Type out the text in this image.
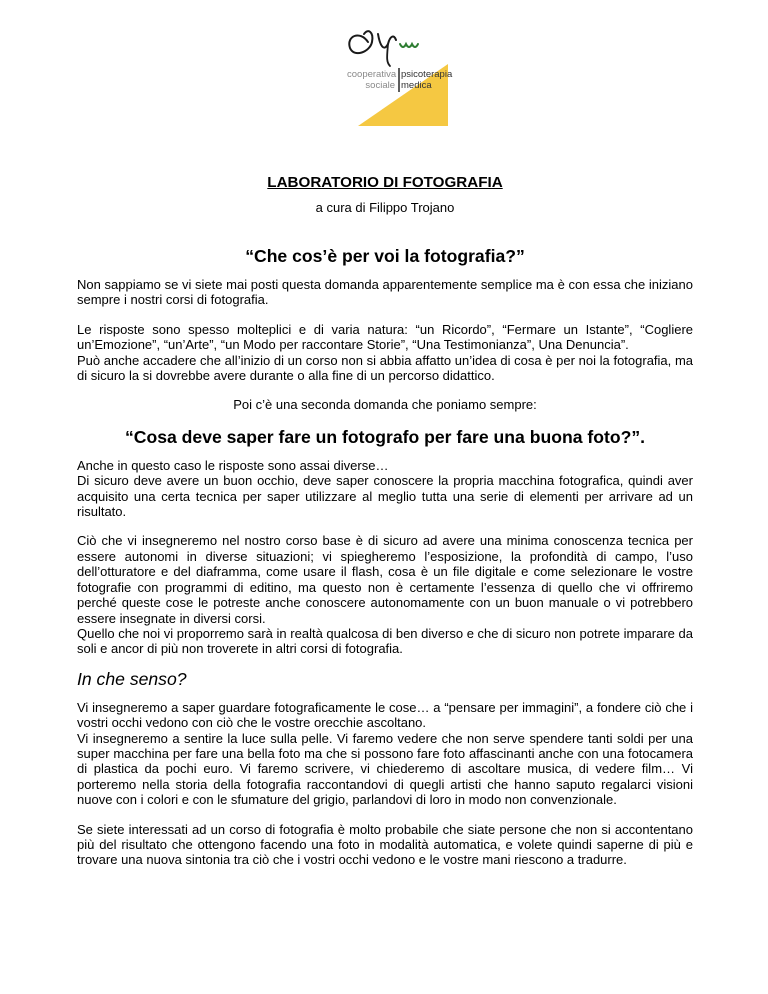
cooperativa
sociale
psicoterapia
medica
LABORATORIO DI FOTOGRAFIA
a cura di Filippo Trojano
“Che cos’è per voi la fotografia?”

Non sappiamo se vi siete mai posti questa domanda apparentemente semplice ma è con essa che iniziano sempre i nostri corsi di fotografia.

Le risposte sono spesso molteplici e di varia natura: “un Ricordo”, “Fermare un Istante”, “Cogliere un’Emozione”, “un’Arte”, “un Modo per raccontare Storie”, “Una Testimonianza”, Una Denuncia”.

Può anche accadere che all’inizio di un corso non si abbia affatto un’idea di cosa è per noi la fotografia, ma di sicuro la si dovrebbe avere durante o alla fine di un percorso didattico.

Poi c’è una seconda domanda che poniamo sempre:

“Cosa deve saper fare un fotografo per fare una buona foto?”.

Anche in questo caso le risposte sono assai diverse…

Di sicuro deve avere un buon occhio, deve saper conoscere la propria macchina fotografica, quindi aver acquisito una certa tecnica per saper utilizzare al meglio tutta una serie di elementi per arrivare ad un risultato.

Ciò che vi insegneremo nel nostro corso base è di sicuro ad avere una minima conoscenza tecnica per essere autonomi in diverse situazioni; vi spiegheremo l’esposizione, la profondità di campo, l’uso dell’otturatore e del diaframma, come usare il flash, cosa è un file digitale e come selezionare le vostre fotografie con programmi di editino, ma questo non è certamente l’essenza di quello che vi offriremo perché queste cose le potreste anche conoscere autonomamente con un buon manuale o vi potrebbero essere insegnate in diversi corsi.

Quello che noi vi proporremo sarà in realtà qualcosa di ben diverso e che di sicuro non potrete imparare da soli e ancor di più non troverete in altri corsi di fotografia.

In che senso?

Vi insegneremo a saper guardare fotograficamente le cose… a “pensare per immagini”, a fondere ciò che i vostri occhi vedono con ciò che le vostre orecchie ascoltano.

Vi insegneremo a sentire la luce sulla pelle. Vi faremo vedere che non serve spendere tanti soldi per una super macchina per fare una bella foto ma che si possono fare foto affascinanti anche con una fotocamera di plastica da pochi euro. Vi faremo scrivere, vi chiederemo di ascoltare musica, di vedere film… Vi porteremo nella storia della fotografia raccontandovi di quegli artisti che hanno saputo regalarci visioni nuove con i colori e con le sfumature del grigio, parlandovi di loro in modo non convenzionale.

Se siete interessati ad un corso di fotografia è molto probabile che siate persone che non si accontentano più del risultato che ottengono facendo una foto in modalità automatica, e volete quindi saperne di più e trovare una nuova sintonia tra ciò che i vostri occhi vedono e le vostre mani riescono a tradurre.
